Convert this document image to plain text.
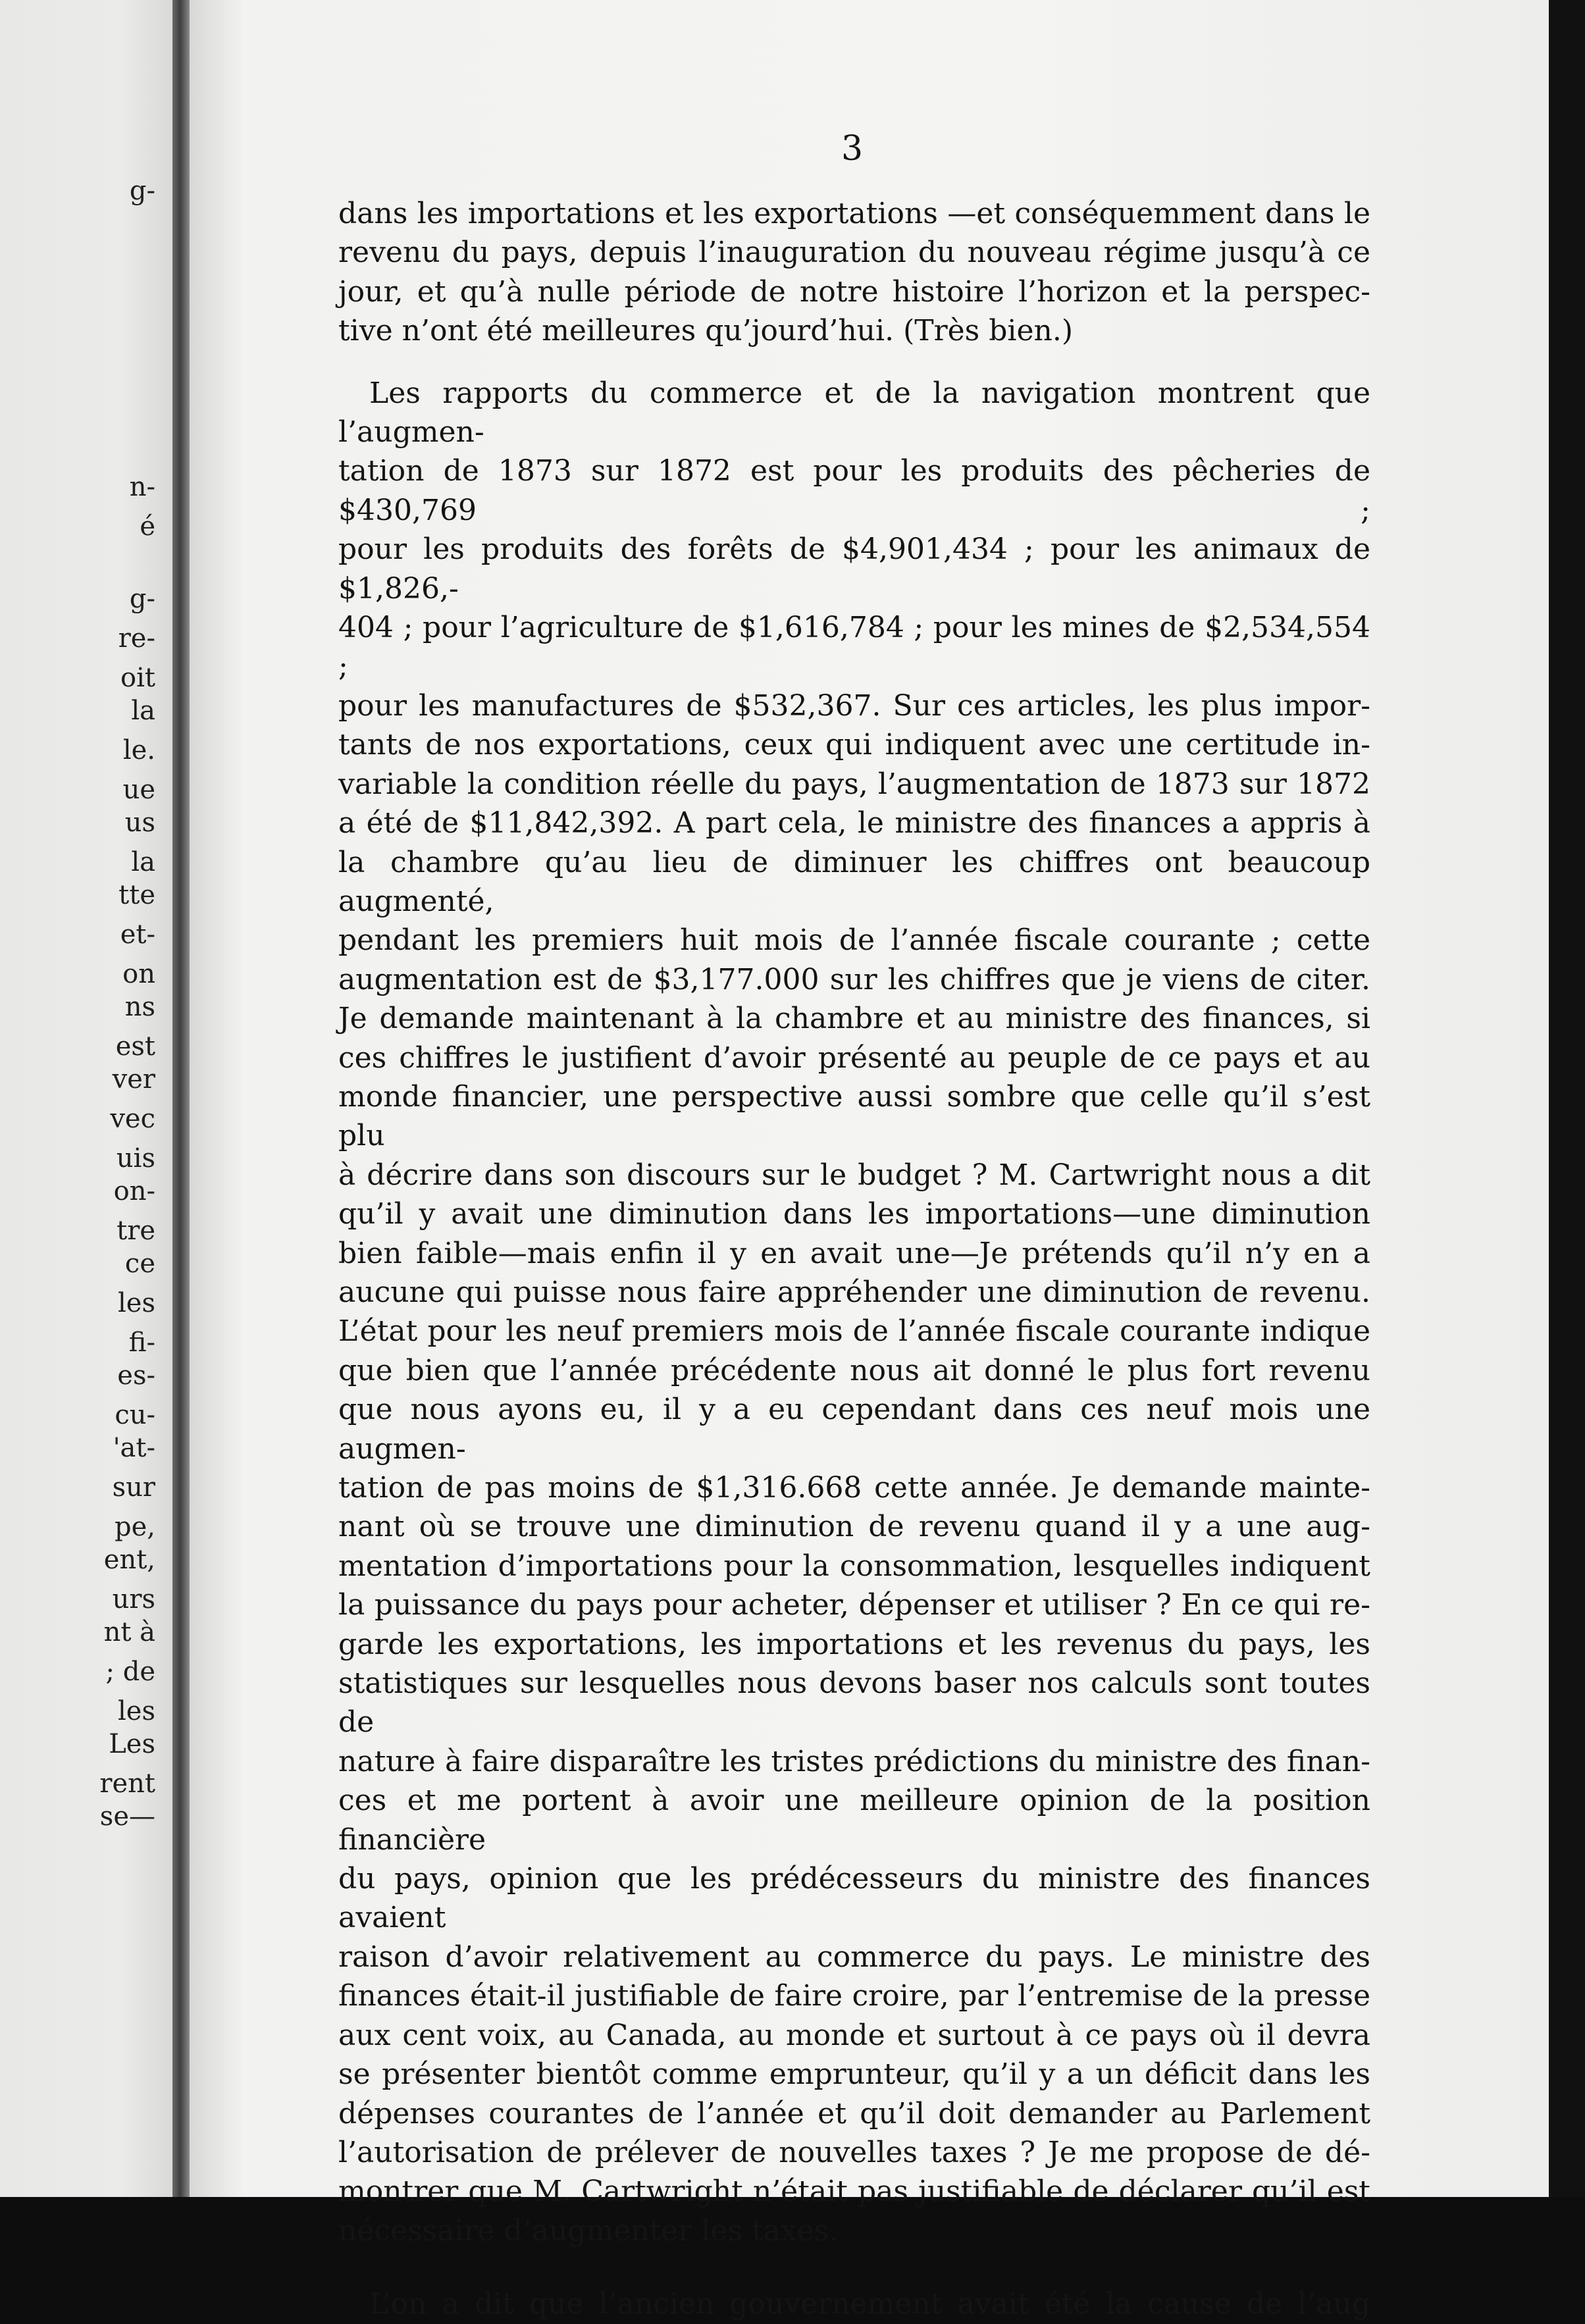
g-
n-
é
g-
re-
oit
la
le.
ue
us
la
tte
et-
on
ns
est
ver
vec
uis
on-
tre
ce
les
fi-
es-
cu-
'at-
sur
pe,
ent,
urs
nt à
; de
les
Les
rent
se—

3

dans les importations et les exportations —et conséquemment dans le
revenu du pays, depuis l’inauguration du nouveau régime jusqu’à ce
jour, et qu’à nulle période de notre histoire l’horizon et la perspec-
tive n’ont été meilleures qu’jourd’hui. (Très bien.)

Les rapports du commerce et de la navigation montrent que l’augmen-
tation de 1873 sur 1872 est pour les produits des pêcheries de $430,769 ;
pour les produits des forêts de $4,901,434 ; pour les animaux de $1,826,-
404 ; pour l’agriculture de $1,616,784 ; pour les mines de $2,534,554 ;
pour les manufactures de $532,367. Sur ces articles, les plus impor-
tants de nos exportations, ceux qui indiquent avec une certitude in-
variable la condition réelle du pays, l’augmentation de 1873 sur 1872
a été de $11,842,392. A part cela, le ministre des finances a appris à
la chambre qu’au lieu de diminuer les chiffres ont beaucoup augmenté,
pendant les premiers huit mois de l’année fiscale courante ; cette
augmentation est de $3,177.000 sur les chiffres que je viens de citer.
Je demande maintenant à la chambre et au ministre des finances, si
ces chiffres le justifient d’avoir présenté au peuple de ce pays et au
monde financier, une perspective aussi sombre que celle qu’il s’est plu
à décrire dans son discours sur le budget ? M. Cartwright nous a dit
qu’il y avait une diminution dans les importations—une diminution
bien faible—mais enfin il y en avait une—Je prétends qu’il n’y en a
aucune qui puisse nous faire appréhender une diminution de revenu.
L’état pour les neuf premiers mois de l’année fiscale courante indique
que bien que l’année précédente nous ait donné le plus fort revenu
que nous ayons eu, il y a eu cependant dans ces neuf mois une augmen-
tation de pas moins de $1,316.668 cette année. Je demande mainte-
nant où se trouve une diminution de revenu quand il y a une aug-
mentation d’importations pour la consommation, lesquelles indiquent
la puissance du pays pour acheter, dépenser et utiliser ? En ce qui re-
garde les exportations, les importations et les revenus du pays, les
statistiques sur lesquelles nous devons baser nos calculs sont toutes de
nature à faire disparaître les tristes prédictions du ministre des finan-
ces et me portent à avoir une meilleure opinion de la position financière
du pays, opinion que les prédécesseurs du ministre des finances avaient
raison d’avoir relativement au commerce du pays. Le ministre des
finances était-il justifiable de faire croire, par l’entremise de la presse
aux cent voix, au Canada, au monde et surtout à ce pays où il devra
se présenter bientôt comme emprunteur, qu’il y a un déficit dans les
dépenses courantes de l’année et qu’il doit demander au Parlement
l’autorisation de prélever de nouvelles taxes ? Je me propose de dé-
montrer que M. Cartwright n’était pas justifiable de déclarer qu’il est
nécessaire d’augmenter les taxes.

L’on a dit que l’ancien gouvernement avait été la cause de l’aug
